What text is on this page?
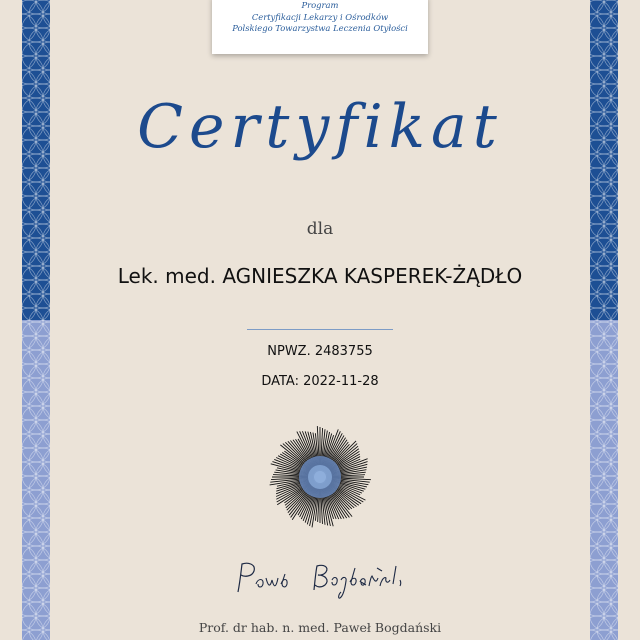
Program
Certyfikacji Lekarzy i Ośrodków
Polskiego Towarzystwa Leczenia Otyłości
Certyfikat
dla
Lek. med. AGNIESZKA KASPEREK-ŻĄDŁO
NPWZ. 2483755
DATA: 2022-11-28
Prof. dr hab. n. med. Paweł Bogdański
